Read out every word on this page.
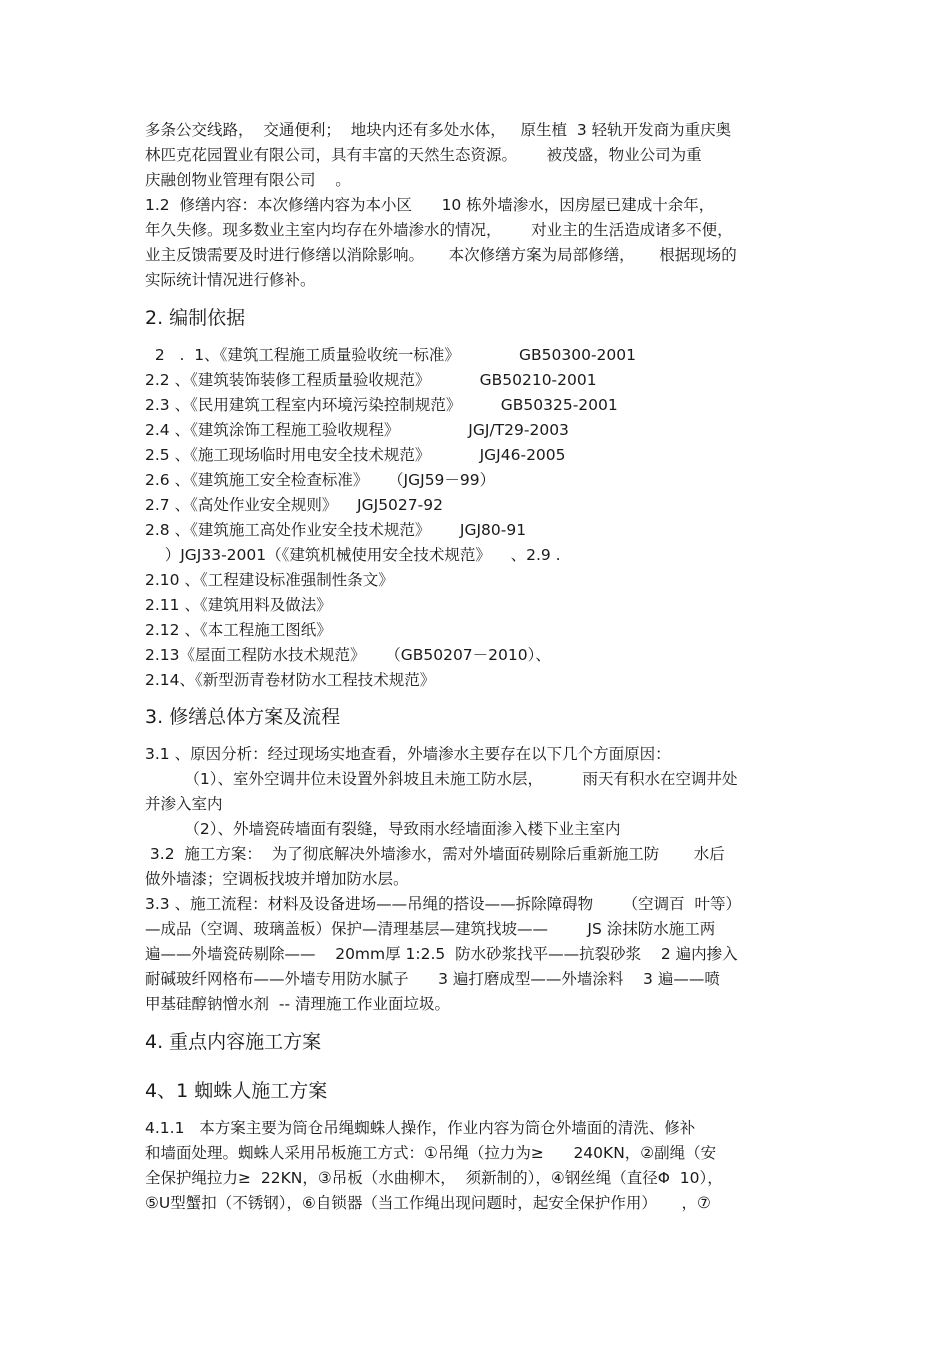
多条公交线路，  交通便利；  地块内还有多处水体，   原生植  3 轻轨开发商为重庆奥
林匹克花园置业有限公司，具有丰富的天然生态资源。      被茂盛，物业公司为重
庆融创物业管理有限公司    。
1.2  修缮内容：本次修缮内容为本小区      10 栋外墙渗水，因房屋已建成十余年，
年久失修。现多数业主室内均存在外墙渗水的情况，      对业主的生活造成诸多不便，
业主反馈需要及时进行修缮以消除影响。     本次修缮方案为局部修缮，     根据现场的
实际统计情况进行修补。
2. 编制依据
2   .  1、《建筑工程施工质量验收统一标准》            GB50300-2001
2.2 、《建筑装饰装修工程质量验收规范》          GB50210-2001
2.3 、《民用建筑工程室内环境污染控制规范》        GB50325-2001
2.4 、《建筑涂饰工程施工验收规程》              JGJ/T29-2003
2.5 、《施工现场临时用电安全技术规范》          JGJ46-2005
2.6 、《建筑施工安全检查标准》    （JGJ59－99）
2.7 、《高处作业安全规则》    JGJ5027-92
2.8 、《建筑施工高处作业安全技术规范》      JGJ80-91
）JGJ33-2001（《建筑机械使用安全技术规范》    、2.9 .
2.10 、《工程建设标准强制性条文》
2.11 、《建筑用料及做法》
2.12 、《本工程施工图纸》
2.13《屋面工程防水技术规范》    （GB50207－2010）、
2.14、《新型沥青卷材防水工程技术规范》
3. 修缮总体方案及流程
3.1 、原因分析：经过现场实地查看，外墙渗水主要存在以下几个方面原因：
（1）、室外空调井位未设置外斜坡且未施工防水层，        雨天有积水在空调井处
并渗入室内
（2）、外墙瓷砖墙面有裂缝，导致雨水经墙面渗入楼下业主室内
3.2  施工方案：  为了彻底解决外墙渗水，需对外墙面砖剔除后重新施工防       水后
做外墙漆；空调板找坡并增加防水层。
3.3 、施工流程：材料及设备进场——吊绳的搭设——拆除障碍物      （空调百  叶等）
—成品（空调、玻璃盖板）保护—清理基层—建筑找坡——        JS 涂抹防水施工两
遍——外墙瓷砖剔除——    20mm厚 1:2.5  防水砂浆找平——抗裂砂浆    2 遍内掺入
耐碱玻纤网格布——外墙专用防水腻子      3 遍打磨成型——外墙涂料    3 遍——喷
甲基硅醇钠憎水剂  -- 清理施工作业面垃圾。
4. 重点内容施工方案
4、1 蜘蛛人施工方案
4.1.1   本方案主要为筒仓吊绳蜘蛛人操作，作业内容为筒仓外墙面的清洗、修补
和墙面处理。蜘蛛人采用吊板施工方式：①吊绳（拉力为≥      240KN，②副绳（安
全保护绳拉力≥  22KN，③吊板（水曲柳木，  须新制的），④钢丝绳（直径Φ  10），
⑤U型蟹扣（不锈钢），⑥自锁器（当工作绳出现问题时，起安全保护作用）     ，⑦
